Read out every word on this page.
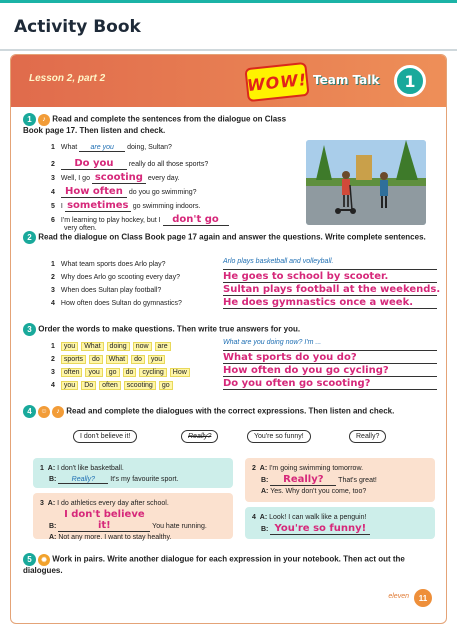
Activity Book
Lesson 2, part 2	WOW! Team Talk	1
1 ♪ Read and complete the sentences from the dialogue on Class Book page 17. Then listen and check.
1 What are you doing, Sultan?
2 Do you really do all those sports?
3 Well, I go scooting every day.
4 How often do you go swimming?
5 I sometimes go swimming indoors.
6 I'm learning to play hockey, but I don't go
very often.
2 Read the dialogue on Class Book page 17 again and answer the questions. Write complete sentences.
1 What team sports does Arlo play?	Arlo plays basketball and volleyball.
2 Why does Arlo go scooting every day?	He goes to school by scooter.
3 When does Sultan play football?	Sultan plays football at the weekends.
4 How often does Sultan do gymnastics?	He does gymnastics once a week.
3 Order the words to make questions. Then write true answers for you.
1 you What doing now are
What are you doing now? I'm ...
2 sports do What do you	What sports do you do?
3 often you go do cycling How	How often do you go cycling?
4 you Do often scooting go	Do you often go scooting?
4 ☺ ♪ Read and complete the dialogues with the correct expressions. Then listen and check.
I don't believe it!	Really?	You're so funny!	Really?
1 A: I don't like basketball.
B: Really? It's my favourite sport.
2 A: I'm going swimming tomorrow.
B: Really? That's great!
A: Yes. Why don't you come, too?
3 A: I do athletics every day after school.
B: I don't believe it!	You hate running.
A: Not any more. I want to stay healthy.
4 A: Look! I can walk like a penguin!
B: You're so funny!
5 ✹ Work in pairs. Write another dialogue for each expression in your notebook. Then act out the dialogues.
eleven	11
